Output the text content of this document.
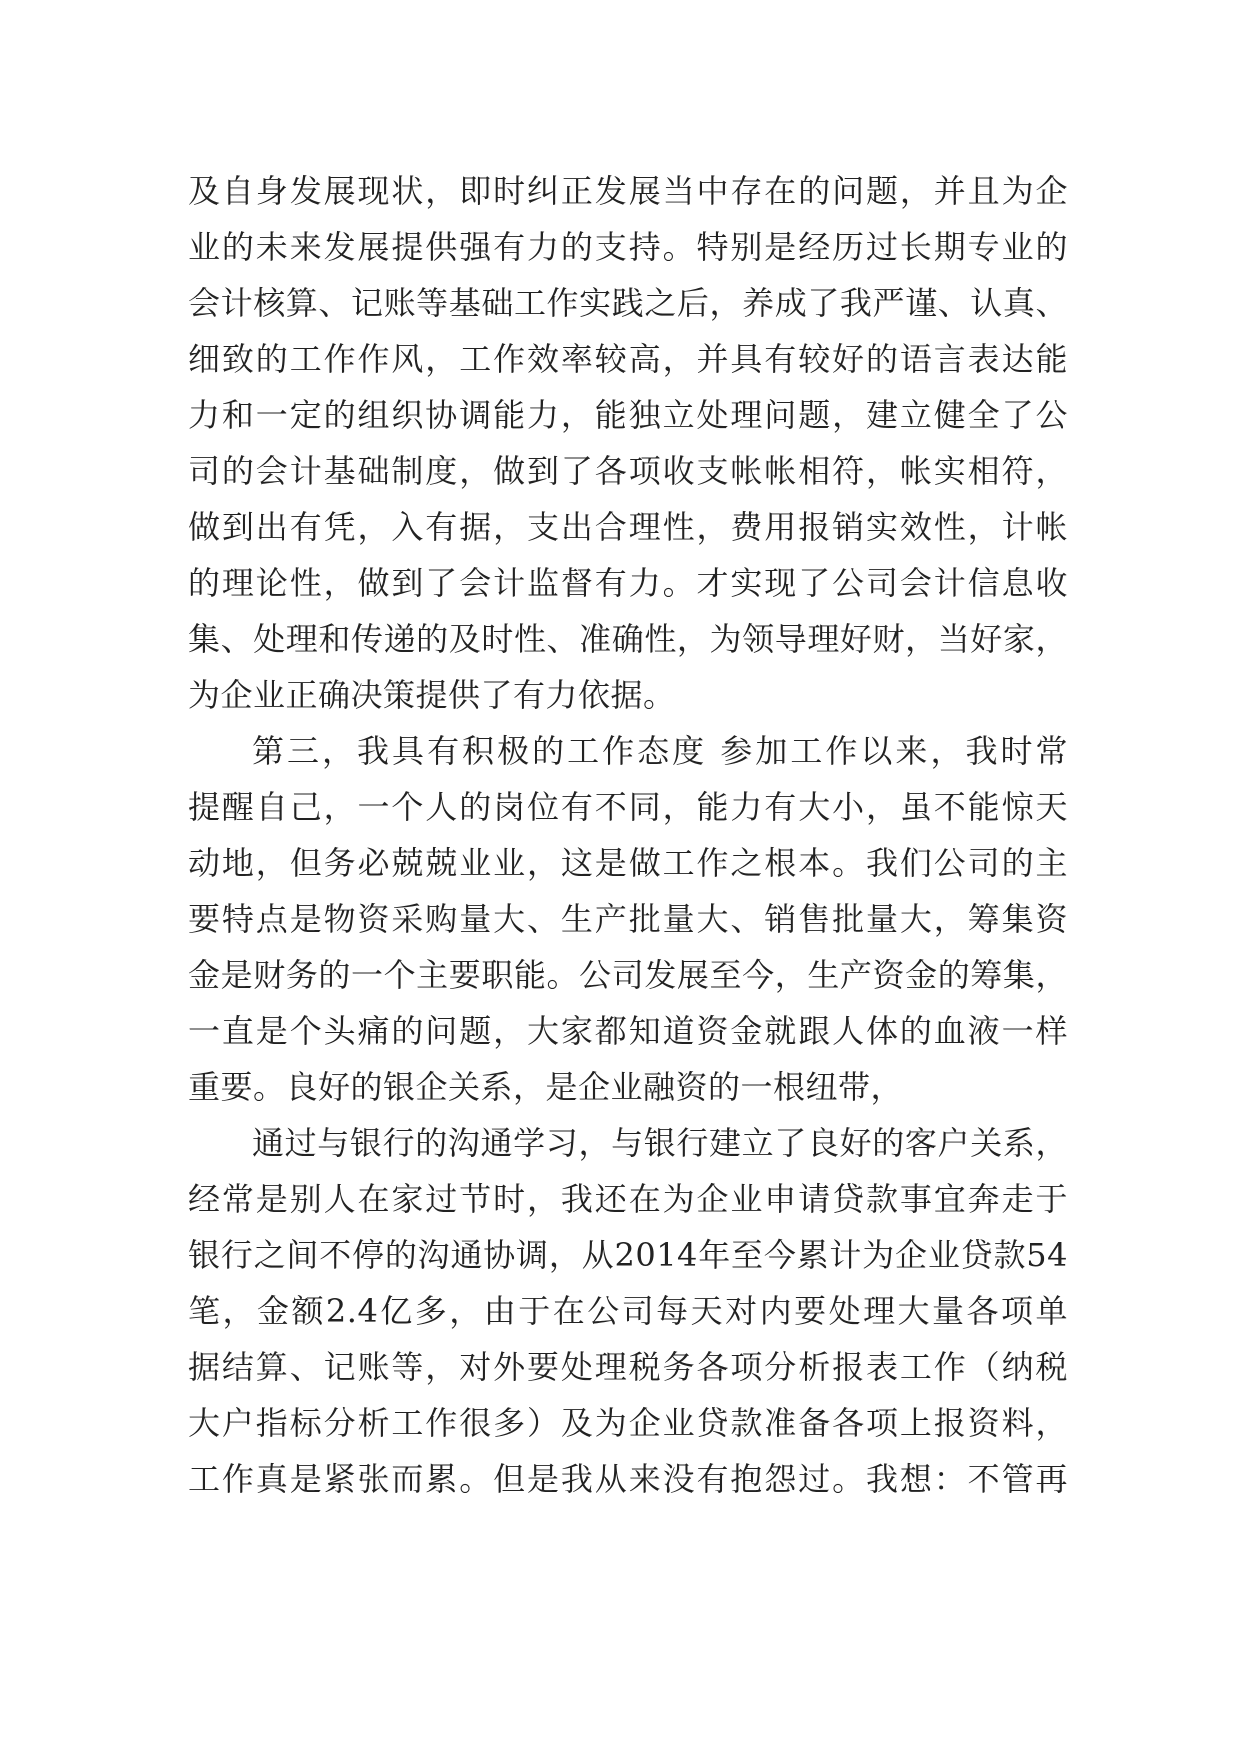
及自身发展现状，即时纠正发展当中存在的问题，并且为企
业的未来发展提供强有力的支持。特别是经历过长期专业的
会计核算、记账等基础工作实践之后，养成了我严谨、认真、
细致的工作作风，工作效率较高，并具有较好的语言表达能
力和一定的组织协调能力，能独立处理问题，建立健全了公
司的会计基础制度，做到了各项收支帐帐相符，帐实相符，
做到出有凭，入有据，支出合理性，费用报销实效性，计帐
的理论性，做到了会计监督有力。才实现了公司会计信息收
集、处理和传递的及时性、准确性，为领导理好财，当好家，
为企业正确决策提供了有力依据。
第三，我具有积极的工作态度 参加工作以来，我时常
提醒自己，一个人的岗位有不同，能力有大小，虽不能惊天
动地，但务必兢兢业业，这是做工作之根本。我们公司的主
要特点是物资采购量大、生产批量大、销售批量大，筹集资
金是财务的一个主要职能。公司发展至今，生产资金的筹集，
一直是个头痛的问题，大家都知道资金就跟人体的血液一样
重要。良好的银企关系，是企业融资的一根纽带，
通过与银行的沟通学习，与银行建立了良好的客户关系，
经常是别人在家过节时，我还在为企业申请贷款事宜奔走于
银行之间不停的沟通协调，从2014年至今累计为企业贷款54
笔，金额2.4亿多，由于在公司每天对内要处理大量各项单
据结算、记账等，对外要处理税务各项分析报表工作（纳税
大户指标分析工作很多）及为企业贷款准备各项上报资料，
工作真是紧张而累。但是我从来没有抱怨过。我想：不管再
